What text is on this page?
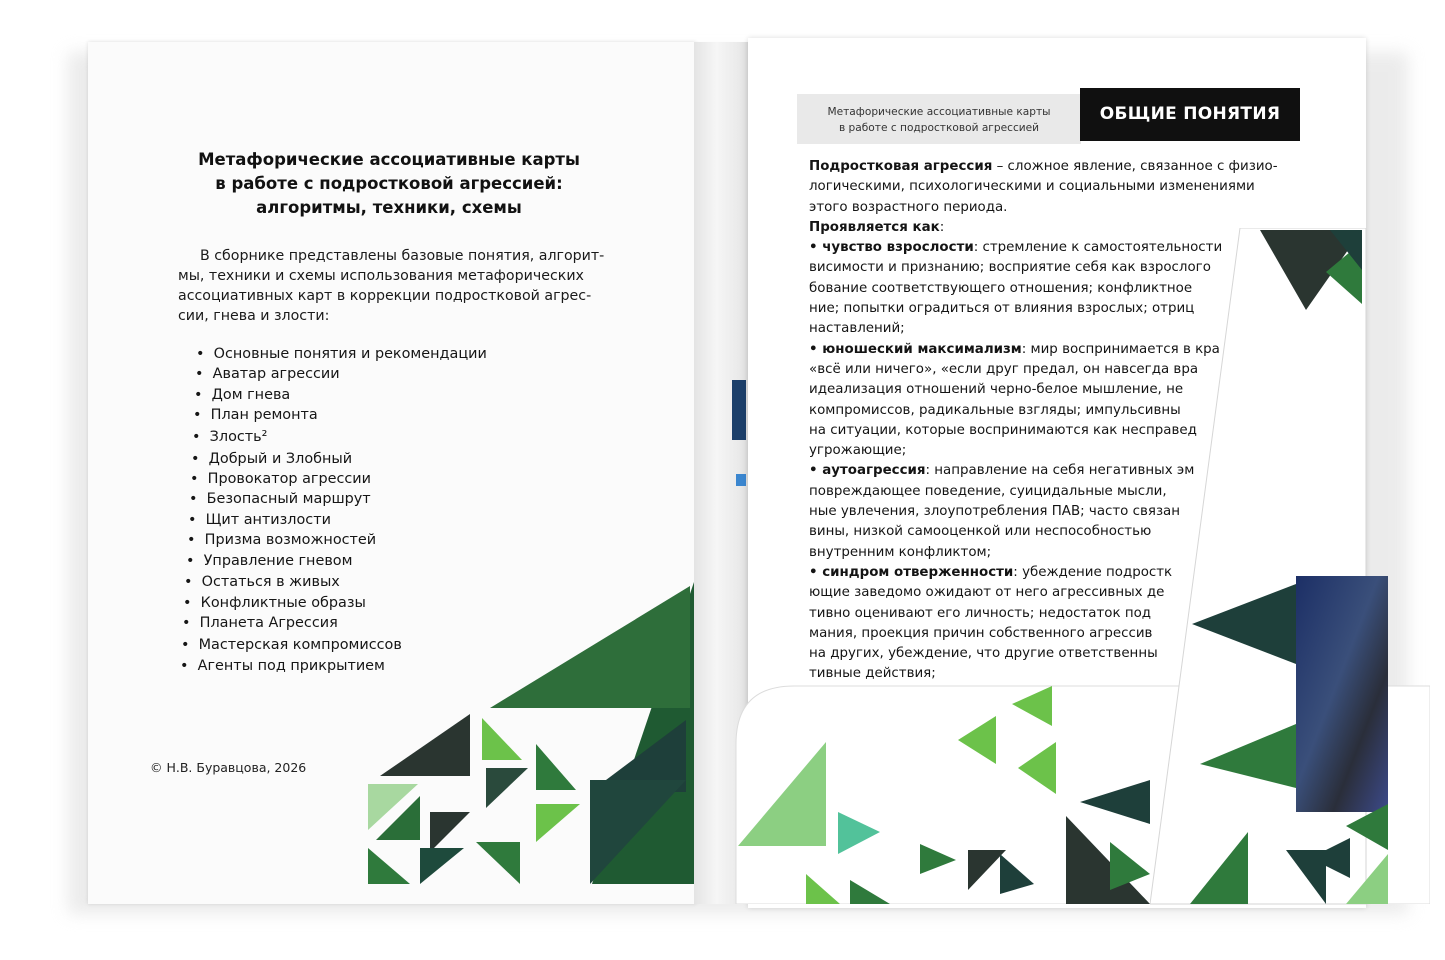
Метафорические ассоциативные карты
в работе с подростковой агрессией:
алгоритмы, техники, схемы
В сборнике представлены базовые понятия, алгорит-
мы, техники и схемы использования метафорических
ассоциативных карт в коррекции подростковой агрес-
сии, гнева и злости:
•  Основные понятия и рекомендации
•  Аватар агрессии
•  Дом гнева
•  План ремонта
•  Злость²
•  Добрый и Злобный
•  Провокатор агрессии
•  Безопасный маршрут
•  Щит антизлости
•  Призма возможностей
•  Управление гневом
•  Остаться в живых
•  Конфликтные образы
•  Планета Агрессия
•  Мастерская компромиссов
•  Агенты под прикрытием
© Н.В. Буравцова, 2026
Метафорические ассоциативные карты
в работе с подростковой агрессией
ОБЩИЕ ПОНЯТИЯ
Подростковая агрессия – сложное явление, связанное с физио-
логическими, психологическими и социальными изменениями
этого возрастного периода.
Проявляется как:
• чувство взрослости: стремление к самостоятельности
висимости и признанию; восприятие себя как взрослого
бование соответствующего отношения; конфликтное
ние; попытки оградиться от влияния взрослых; отриц
наставлений;
• юношеский максимализм: мир воспринимается в кра
«всё или ничего», «если друг предал, он навсегда вра
идеализация отношений черно-белое мышление, не
компромиссов, радикальные взгляды; импульсивны
на ситуации, которые воспринимаются как несправед
угрожающие;
• аутоагрессия: направление на себя негативных эм
повреждающее поведение, суицидальные мысли,
ные увлечения, злоупотребления ПАВ; часто связан
вины, низкой самооценкой или неспособностью
внутренним конфликтом;
• синдром отверженности: убеждение подростк
ющие заведомо ожидают от него агрессивных де
тивно оценивают его личность; недостаток под
мания, проекция причин собственного агрессив
на других, убеждение, что другие ответственны
тивные действия;
